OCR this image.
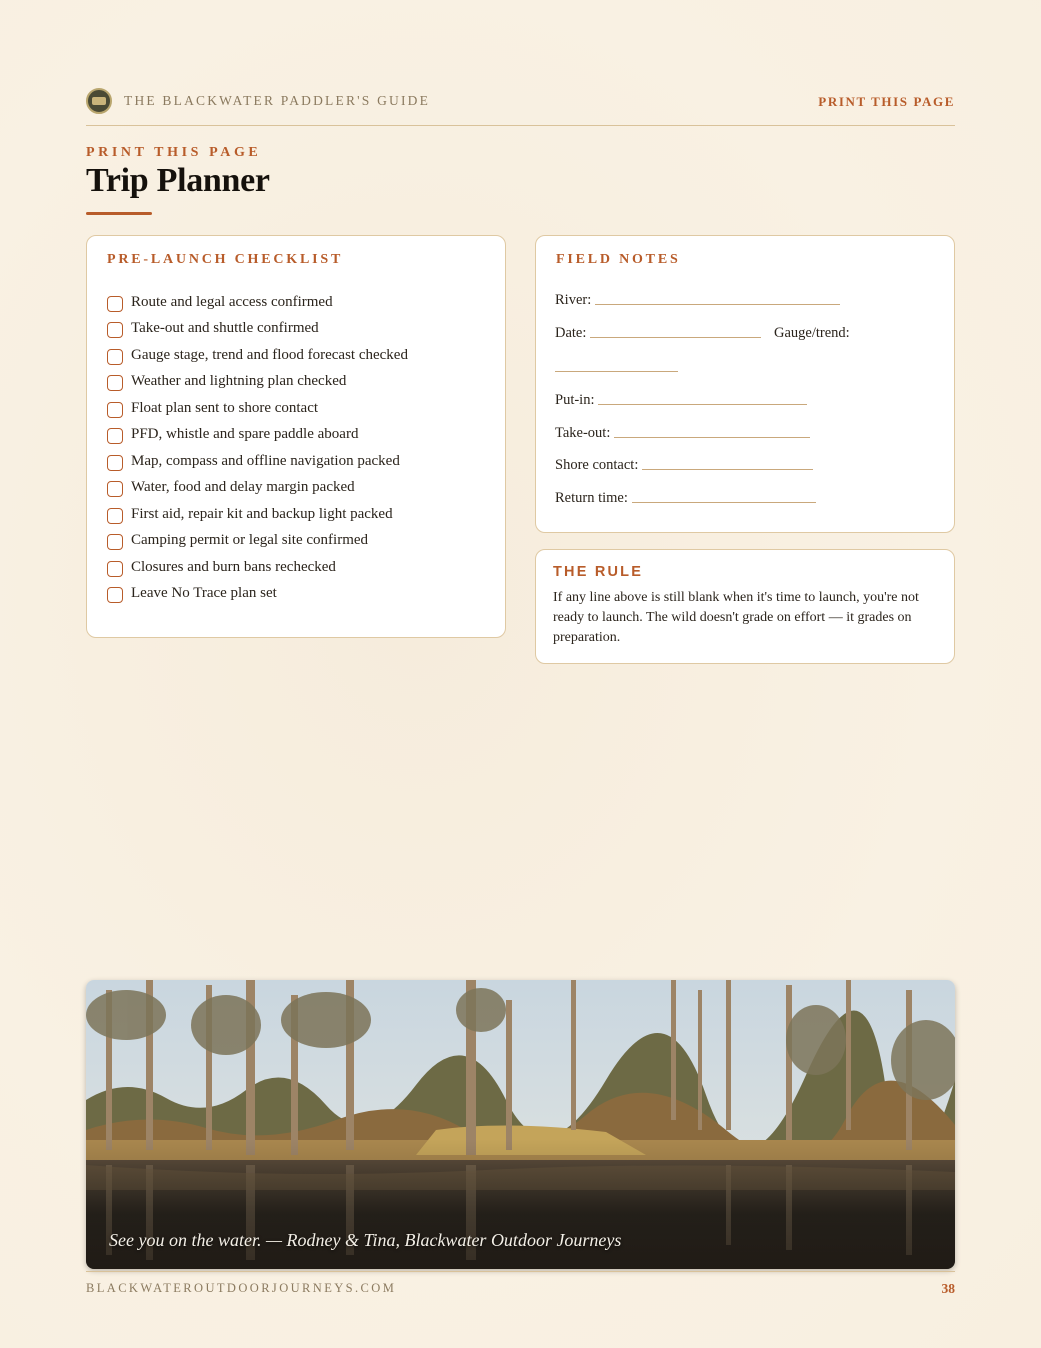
THE BLACKWATER PADDLER'S GUIDE	PRINT THIS PAGE
PRINT THIS PAGE
Trip Planner
PRE-LAUNCH CHECKLIST
Route and legal access confirmed
Take-out and shuttle confirmed
Gauge stage, trend and flood forecast checked
Weather and lightning plan checked
Float plan sent to shore contact
PFD, whistle and spare paddle aboard
Map, compass and offline navigation packed
Water, food and delay margin packed
First aid, repair kit and backup light packed
Camping permit or legal site confirmed
Closures and burn bans rechecked
Leave No Trace plan set
FIELD NOTES
River:
Date:	Gauge/trend:
Put-in:
Take-out:
Shore contact:
Return time:
THE RULE

If any line above is still blank when it's time to launch, you're not ready to launch. The wild doesn't grade on effort — it grades on preparation.

See you on the water. — Rodney & Tina, Blackwater Outdoor Journeys
BLACKWATEROUTDOORJOURNEYS.COM	38
